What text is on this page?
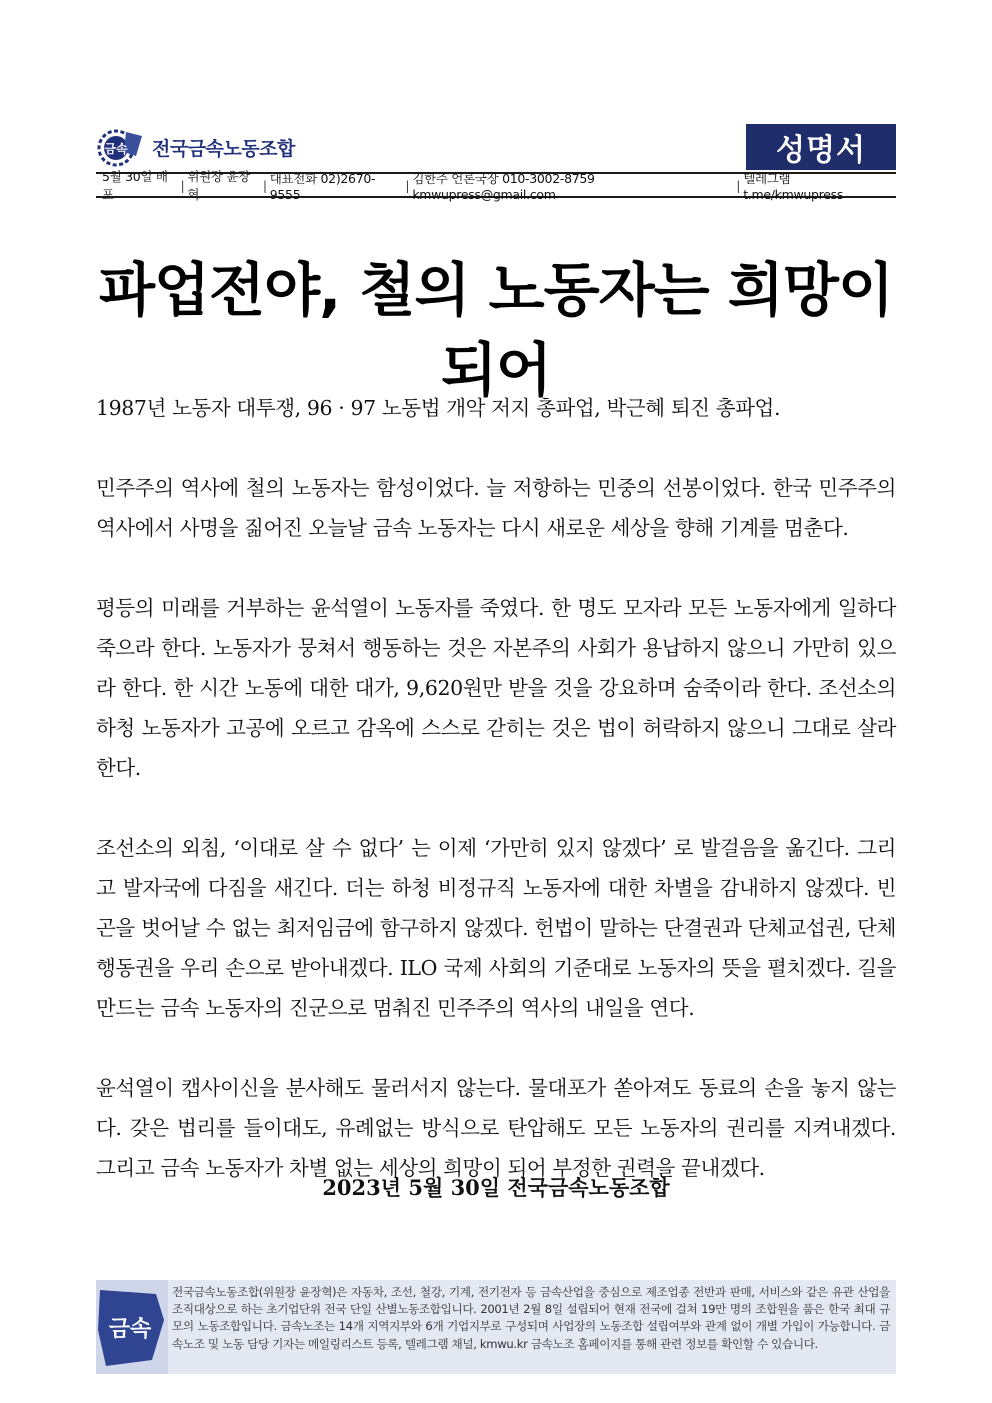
금속 전국금속노동조합	성명서
5월 30일 배포
|
위원장 윤장혁
| 대표전화 02)2670-9555
| 김한주 언론국장 010-3002-8759 kmwupress@gmail.com
| 텔레그램 t.me/kmwupress
파업전야, 철의 노동자는 희망이 되어

1987년 노동자 대투쟁, 96 · 97 노동법 개악 저지 총파업, 박근혜 퇴진 총파업.

민주주의 역사에 철의 노동자는 함성이었다. 늘 저항하는 민중의 선봉이었다. 한국 민주주의 역사에서 사명을 짊어진 오늘날 금속 노동자는 다시 새로운 세상을 향해 기계를 멈춘다.

평등의 미래를 거부하는 윤석열이 노동자를 죽였다. 한 명도 모자라 모든 노동자에게 일하다 죽으라 한다. 노동자가 뭉쳐서 행동하는 것은 자본주의 사회가 용납하지 않으니 가만히 있으라 한다. 한 시간 노동에 대한 대가, 9,620원만 받을 것을 강요하며 숨죽이라 한다. 조선소의 하청 노동자가 고공에 오르고 감옥에 스스로 갇히는 것은 법이 허락하지 않으니 그대로 살라 한다.

조선소의 외침, ‘이대로 살 수 없다’ 는 이제 ‘가만히 있지 않겠다’ 로 발걸음을 옮긴다. 그리고 발자국에 다짐을 새긴다. 더는 하청 비정규직 노동자에 대한 차별을 감내하지 않겠다. 빈곤을 벗어날 수 없는 최저임금에 함구하지 않겠다. 헌법이 말하는 단결권과 단체교섭권, 단체행동권을 우리 손으로 받아내겠다. ILO 국제 사회의 기준대로 노동자의 뜻을 펼치겠다. 길을 만드는 금속 노동자의 진군으로 멈춰진 민주주의 역사의 내일을 연다.

윤석열이 캡사이신을 분사해도 물러서지 않는다. 물대포가 쏟아져도 동료의 손을 놓지 않는다. 갖은 법리를 들이대도, 유례없는 방식으로 탄압해도 모든 노동자의 권리를 지켜내겠다. 그리고 금속 노동자가 차별 없는 세상의 희망이 되어 부정한 권력을 끝내겠다.

2023년 5월 30일 전국금속노동조합
금속
전국금속노동조합(위원장 윤장혁)은 자동차, 조선, 철강, 기계, 전기전자 등 금속산업을 중심으로 제조업종 전반과 판매, 서비스와 같은 유관 산업을 조직대상으로 하는 초기업단위 전국 단일 산별노동조합입니다. 2001년 2월 8일 설립되어 현재 전국에 걸쳐 19만 명의 조합원을 품은 한국 최대 규모의 노동조합입니다. 금속노조는 14개 지역지부와 6개 기업지부로 구성되며 사업장의 노동조합 설립여부와 관계 없이 개별 가입이 가능합니다. 금속노조 및 노동 담당 기자는 메일링리스트 등록, 텔레그램 채널, kmwu.kr 금속노조 홈페이지를 통해 관련 정보를 확인할 수 있습니다.
